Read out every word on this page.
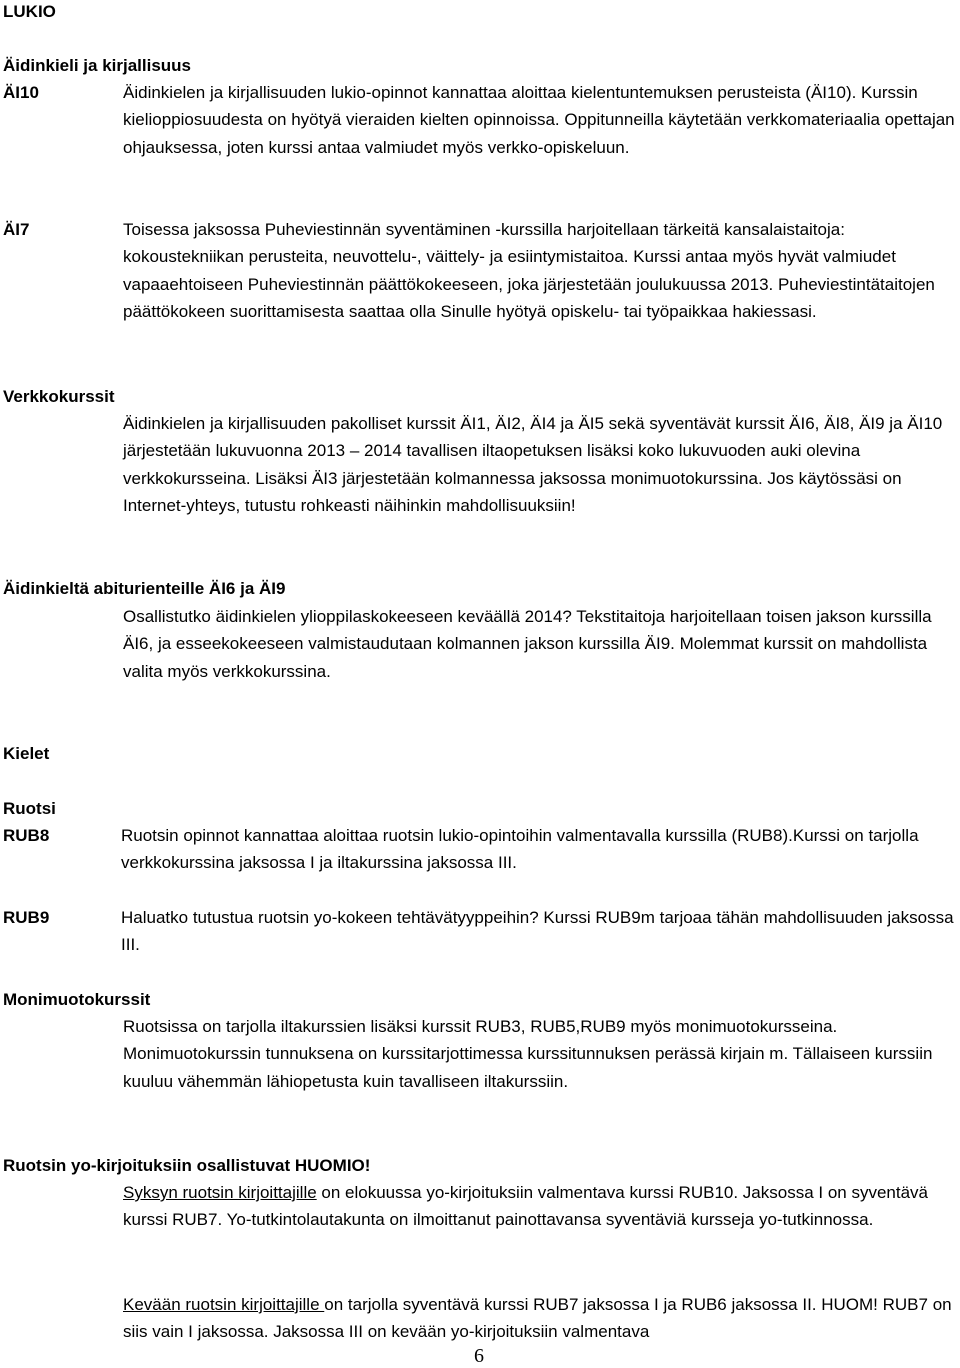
LUKIO
Äidinkieli ja kirjallisuus
ÄI10	Äidinkielen ja kirjallisuuden lukio-opinnot kannattaa aloittaa kielentuntemuksen perusteista (ÄI10). Kurssin kielioppiosuudesta on hyötyä vieraiden kielten opinnoissa. Oppitunneilla käytetään verkkomateriaalia opettajan ohjauksessa, joten kurssi antaa valmiudet myös verkko-opiskeluun.
ÄI7	Toisessa jaksossa Puheviestinnän syventäminen -kurssilla harjoitellaan tärkeitä kansalaistaitoja: kokoustekniikan perusteita, neuvottelu-, väittely- ja esiintymistaitoa. Kurssi antaa myös hyvät valmiudet vapaaehtoiseen Puheviestinnän päättökokeeseen, joka järjestetään joulukuussa 2013. Puheviestintätaitojen päättökokeen suorittamisesta saattaa olla Sinulle hyötyä opiskelu- tai työpaikkaa hakiessasi.
Verkkokurssit
Äidinkielen ja kirjallisuuden pakolliset kurssit ÄI1, ÄI2, ÄI4 ja ÄI5 sekä syventävät kurssit ÄI6, ÄI8, ÄI9 ja ÄI10 järjestetään lukuvuonna 2013 – 2014 tavallisen iltaopetuksen lisäksi koko lukuvuoden auki olevina verkkokursseina. Lisäksi ÄI3 järjestetään kolmannessa jaksossa monimuotokurssina. Jos käytössäsi on Internet-yhteys, tutustu rohkeasti näihinkin mahdollisuuksiin!
Äidinkieltä abiturienteille ÄI6 ja ÄI9
Osallistutko äidinkielen ylioppilaskokeeseen keväällä 2014? Tekstitaitoja harjoitellaan toisen jakson kurssilla ÄI6, ja esseekokeeseen valmistaudutaan kolmannen jakson kurssilla ÄI9. Molemmat kurssit on mahdollista valita myös verkkokurssina.
Kielet
Ruotsi
RUB8	Ruotsin opinnot kannattaa aloittaa ruotsin lukio-opintoihin valmentavalla kurssilla (RUB8).Kurssi on tarjolla verkkokurssina jaksossa I ja iltakurssina jaksossa III.
RUB9	Haluatko tutustua ruotsin yo-kokeen tehtävätyyppeihin? Kurssi RUB9m tarjoaa tähän mahdollisuuden jaksossa III.
Monimuotokurssit
Ruotsissa on tarjolla iltakurssien lisäksi kurssit RUB3, RUB5,RUB9 myös monimuotokursseina. Monimuotokurssin tunnuksena on kurssitarjottimessa kurssitunnuksen perässä kirjain m. Tällaiseen kurssiin kuuluu vähemmän lähiopetusta kuin tavalliseen iltakurssiin.
Ruotsin yo-kirjoituksiin osallistuvat HUOMIO!
Syksyn ruotsin kirjoittajille on elokuussa yo-kirjoituksiin valmentava kurssi RUB10. Jaksossa I on syventävä kurssi RUB7. Yo-tutkintolautakunta on ilmoittanut painottavansa syventäviä kursseja yo-tutkinnossa.
Kevään ruotsin kirjoittajille on tarjolla syventävä kurssi RUB7 jaksossa I ja RUB6 jaksossa II. HUOM! RUB7 on siis vain I jaksossa. Jaksossa III on kevään yo-kirjoituksiin valmentava
6
